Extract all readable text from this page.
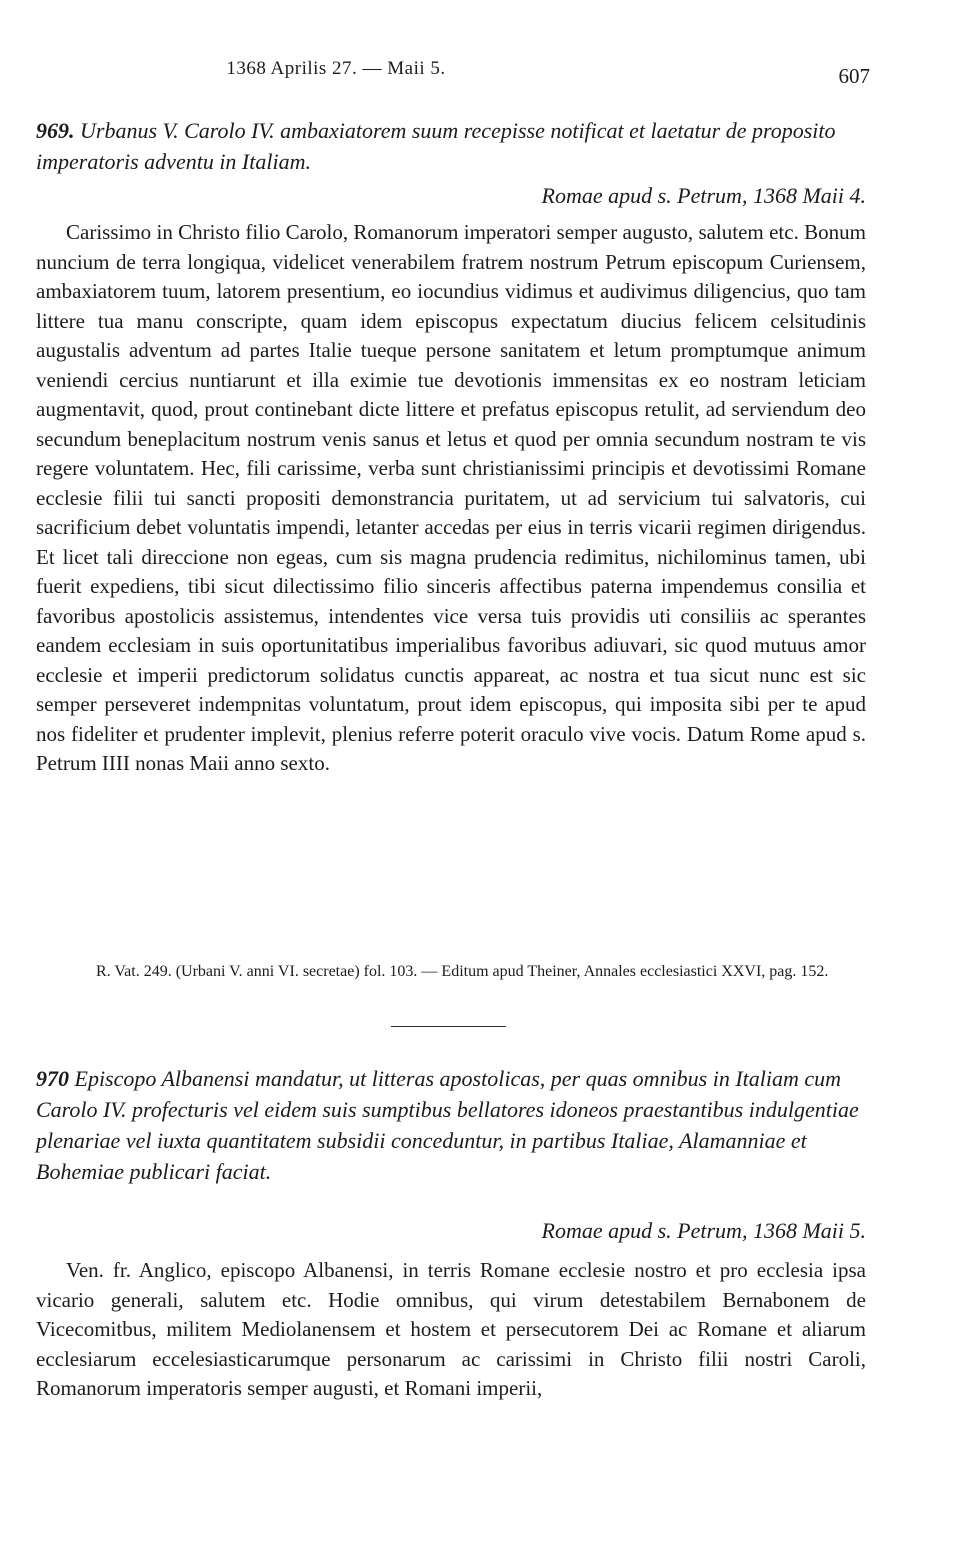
1368 Aprilis 27. — Maii 5.	607
969. Urbanus V. Carolo IV. ambaxiatorem suum recepisse notificat et laetatur de proposito imperatoris adventu in Italiam.
Romae apud s. Petrum, 1368 Maii 4.

Carissimo in Christo filio Carolo, Romanorum imperatori semper augusto, salutem etc. Bonum nuncium de terra longiqua, videlicet venerabilem fratrem nostrum Petrum episcopum Curiensem, ambaxiatorem tuum, latorem presentium, eo iocundius vidimus et audivimus diligencius, quo tam littere tua manu conscripte, quam idem episcopus expectatum diucius felicem celsitudinis augustalis adventum ad partes Italie tueque persone sanitatem et letum promptumque animum veniendi cercius nuntiarunt et illa eximie tue devotionis immensitas ex eo nostram leticiam augmentavit, quod, prout continebant dicte littere et prefatus episcopus retulit, ad serviendum deo secundum beneplacitum nostrum venis sanus et letus et quod per omnia secundum nostram te vis regere voluntatem. Hec, fili carissime, verba sunt christianissimi principis et devotissimi Romane ecclesie filii tui sancti propositi demonstrancia puritatem, ut ad servicium tui salvatoris, cui sacrificium debet voluntatis impendi, letanter accedas per eius in terris vicarii regimen dirigendus. Et licet tali direccione non egeas, cum sis magna prudencia redimitus, nichilominus tamen, ubi fuerit expediens, tibi sicut dilectissimo filio sinceris affectibus paterna impendemus consilia et favoribus apostolicis assistemus, intendentes vice versa tuis providis uti consiliis ac sperantes eandem ecclesiam in suis oportunitatibus imperialibus favoribus adiuvari, sic quod mutuus amor ecclesie et imperii predictorum solidatus cunctis appareat, ac nostra et tua sicut nunc est sic semper perseveret indempnitas voluntatum, prout idem episcopus, qui imposita sibi per te apud nos fideliter et prudenter implevit, plenius referre poterit oraculo vive vocis. Datum Rome apud s. Petrum IIII nonas Maii anno sexto.

R. Vat. 249. (Urbani V. anni VI. secretae) fol. 103. — Editum apud Theiner, Annales ecclesiastici XXVI, pag. 152.

970 Episcopo Albanensi mandatur, ut litteras apostolicas, per quas omnibus in Italiam cum Carolo IV. profecturis vel eidem suis sumptibus bellatores idoneos praestantibus indulgentiae plenariae vel iuxta quantitatem subsidii conceduntur, in partibus Italiae, Alamanniae et Bohemiae publicari faciat.
Romae apud s. Petrum, 1368 Maii 5.

Ven. fr. Anglico, episcopo Albanensi, in terris Romane ecclesie nostro et pro ecclesia ipsa vicario generali, salutem etc. Hodie omnibus, qui virum detestabilem Bernabonem de Vicecomitbus, militem Mediolanensem et hostem et persecutorem Dei ac Romane et aliarum ecclesiarum eccelesiasticarumque personarum ac carissimi in Christo filii nostri Caroli, Romanorum imperatoris semper augusti, et Romani imperii,
